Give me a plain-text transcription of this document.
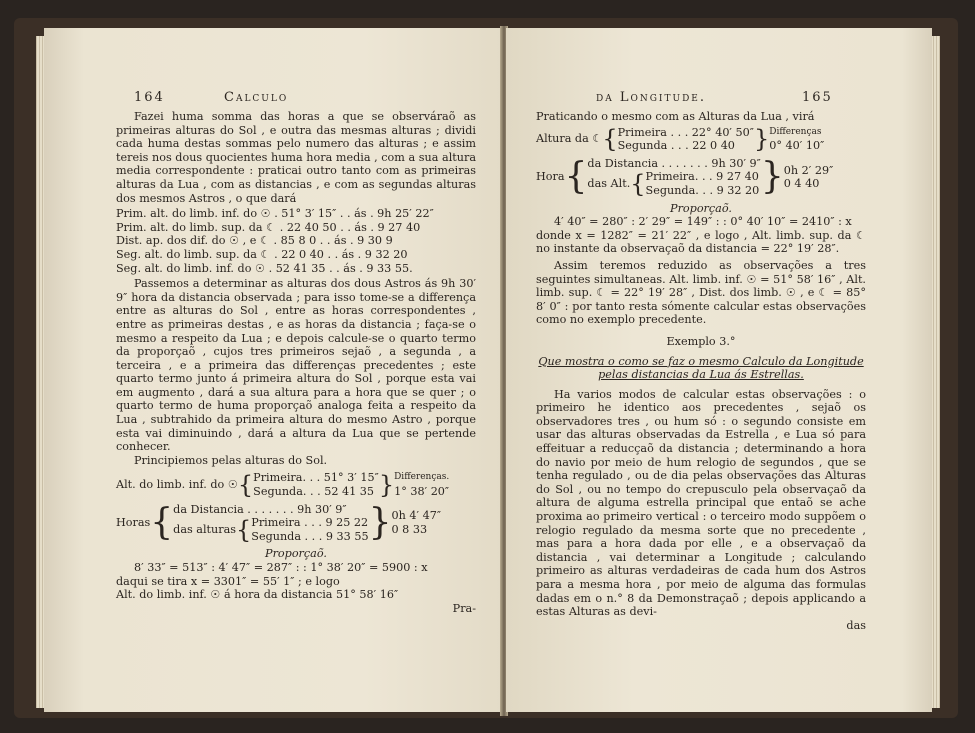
164	Calculo
Fazei huma somma das horas a que se observáraõ as primeiras alturas do Sol , e outra das mesmas alturas ; dividi cada huma destas sommas pelo numero das alturas ; e assim tereis nos dous quocientes huma hora media , com a sua altura media correspondente : praticai outro tanto com as primeiras alturas da Lua , com as distancias , e com as segundas alturas dos mesmos Astros , o que dará
Prim. alt. do limb. inf. do ☉ . 51° 3′ 15″ . . ás . 9h 25′ 22″
Prim. alt. do limb. sup. da ☾ . 22 40 50 . . ás . 9 27 40
Dist. ap. dos dif. do ☉ , e ☾ . 85 8 0 . . ás . 9 30 9
Seg. alt. do limb. sup. da ☾ . 22 0 40 . . ás . 9 32 20
Seg. alt. do limb. inf. do ☉ . 52 41 35 . . ás . 9 33 55.
Passemos a determinar as alturas dos dous Astros ás 9h 30′ 9″ hora da distancia observada ; para isso tome-se a differença entre as alturas do Sol , entre as horas correspondentes , entre as primeiras destas , e as horas da distancia ; faça-se o mesmo a respeito da Lua ; e depois calcule-se o quarto termo da proporçaõ , cujos tres primeiros sejaõ , a segunda , a terceira , e a primeira das differenças precedentes ; este quarto termo junto á primeira altura do Sol , porque esta vai em augmento , dará a sua altura para a hora que se quer ; o quarto termo de huma proporçaõ analoga feita a respeito da Lua , subtrahido da primeira altura do mesmo Astro , porque esta vai diminuindo , dará a altura da Lua que se pertende conhecer.
Principiemos pelas alturas do Sol.
Alt. do limb. inf. do ☉ { Primeira. . . 51° 3′ 15″
Segunda. . . 52 41 35 } Differenças.
1° 38′ 20″
Horas { da Distancia . . . . . . . 9h 30′ 9″
das alturas { Primeira . . . 9 25 22
Segunda . . . 9 33 55 } 0h 4′ 47″
0 8 33
Proporçaõ.
8′ 33″ = 513″ : 4′ 47″ = 287″ : : 1° 38′ 20″ = 5900 : x
daqui se tira x = 3301″ = 55′ 1″ ; e logo
Alt. do limb. inf. ☉ á hora da distancia 51° 58′ 16″
Pra-
da Longitude.	165
Praticando o mesmo com as Alturas da Lua , virá
Altura da ☾ { Primeira . . . 22° 40′ 50″
Segunda . . . 22 0 40 } Differenças
0° 40′ 10″
Hora { da Distancia . . . . . . . 9h 30′ 9″
das Alt. { Primeira. . . 9 27 40
Segunda. . . 9 32 20 } 0h 2′ 29″
0 4 40
Proporçaõ.
4′ 40″ = 280″ : 2′ 29″ = 149″ : : 0° 40′ 10″ = 2410″ : x
donde x = 1282″ = 21′ 22″ , e logo , Alt. limb. sup. da ☾ no instante da observaçaõ da distancia = 22° 19′ 28″.
Assim teremos reduzido as observações a tres seguintes simultaneas. Alt. limb. inf. ☉ = 51° 58′ 16″ , Alt. limb. sup. ☾ = 22° 19′ 28″ , Dist. dos limb. ☉ , e ☾ = 85° 8′ 0″ : por tanto resta sómente calcular estas observações como no exemplo precedente.
Exemplo 3.°
Que mostra o como se faz o mesmo Calculo da Longitude pelas distancias da Lua ás Estrellas.
Ha varios modos de calcular estas observações : o primeiro he identico aos precedentes , sejaõ os observadores tres , ou hum só : o segundo consiste em usar das alturas observadas da Estrella , e Lua só para effeituar a reducçaõ da distancia ; determinando a hora do navio por meio de hum relogio de segundos , que se tenha regulado , ou de dia pelas observações das Alturas do Sol , ou no tempo do crepusculo pela observaçaõ da altura de alguma estrella principal que entaõ se ache proxima ao primeiro vertical : o terceiro modo suppõem o relogio regulado da mesma sorte que no precedente , mas para a hora dada por elle , e a observaçaõ da distancia , vai determinar a Longitude ; calculando primeiro as alturas verdadeiras de cada hum dos Astros para a mesma hora , por meio de alguma das formulas dadas em o n.° 8 da Demonstraçaõ ; depois applicando a estas Alturas as devi-
das
